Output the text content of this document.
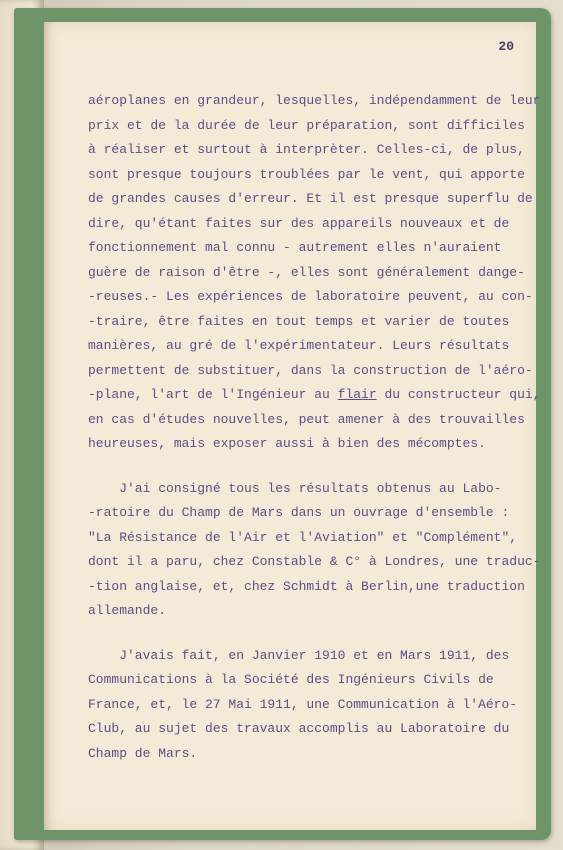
20

aéroplanes en grandeur, lesquelles, indépendamment de leur
prix et de la durée de leur préparation, sont difficiles
à réaliser et surtout à interprèter. Celles-ci, de plus,
sont presque toujours troublées par le vent, qui apporte
de grandes causes d'erreur. Et il est presque superflu de
dire, qu'étant faites sur des appareils nouveaux et de
fonctionnement mal connu - autrement elles n'auraient
guère de raison d'être -, elles sont généralement dange-
-reuses.- Les expériences de laboratoire peuvent, au con-
-traire, être faites en tout temps et varier de toutes
manières, au gré de l'expérimentateur. Leurs résultats
permettent de substituer, dans la construction de l'aéro-
-plane, l'art de l'Ingénieur au flair du constructeur qui,
en cas d'études nouvelles, peut amener à des trouvailles
heureuses, mais exposer aussi à bien des mécomptes.

J'ai consigné tous les résultats obtenus au Labo-
-ratoire du Champ de Mars dans un ouvrage d'ensemble :
"La Résistance de l'Air et l'Aviation" et "Complément",
dont il a paru, chez Constable & C° à Londres, une traduc-
-tion anglaise, et, chez Schmidt à Berlin,une traduction
allemande.

J'avais fait, en Janvier 1910 et en Mars 1911, des
Communications à la Société des Ingénieurs Civils de
France, et, le 27 Mai 1911, une Communication à l'Aéro-
Club, au sujet des travaux accomplis au Laboratoire du
Champ de Mars.
